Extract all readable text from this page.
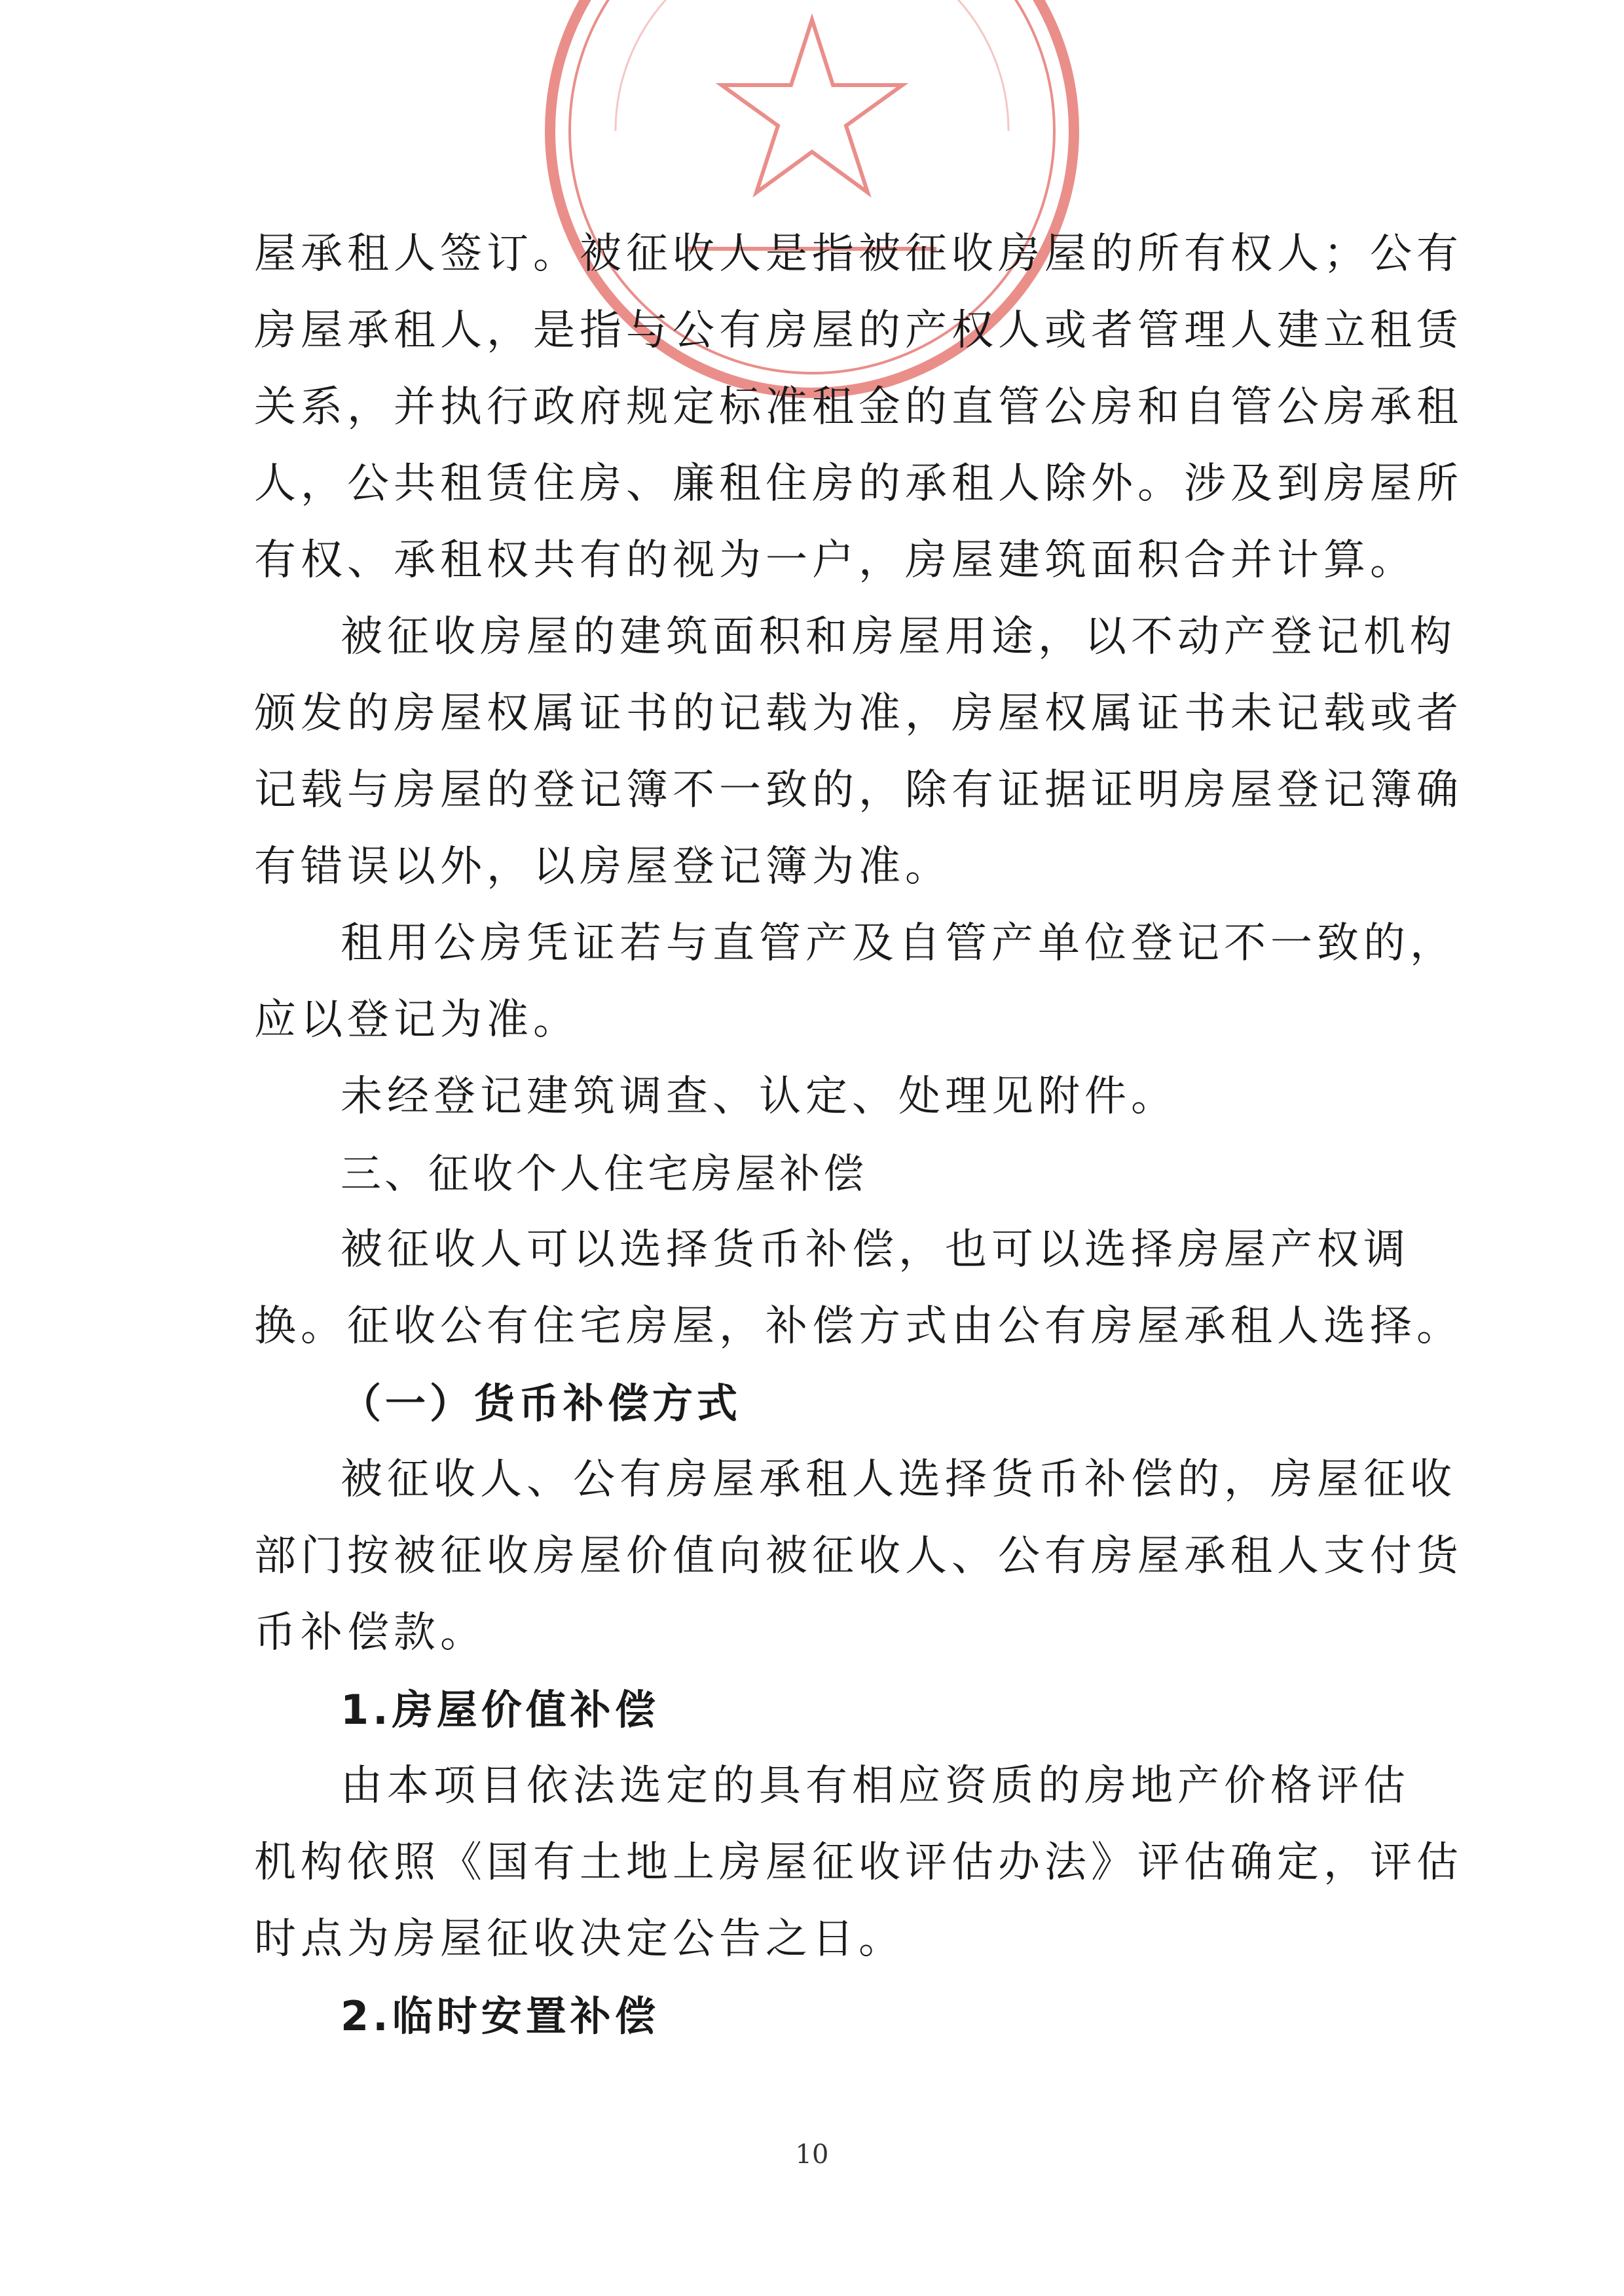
屋承租人签订。被征收人是指被征收房屋的所有权人；公有
房屋承租人，是指与公有房屋的产权人或者管理人建立租赁
关系，并执行政府规定标准租金的直管公房和自管公房承租
人，公共租赁住房、廉租住房的承租人除外。涉及到房屋所
有权、承租权共有的视为一户，房屋建筑面积合并计算。
被征收房屋的建筑面积和房屋用途，以不动产登记机构
颁发的房屋权属证书的记载为准，房屋权属证书未记载或者
记载与房屋的登记簿不一致的，除有证据证明房屋登记簿确
有错误以外，以房屋登记簿为准。
租用公房凭证若与直管产及自管产单位登记不一致的，
应以登记为准。
未经登记建筑调查、认定、处理见附件。
三、征收个人住宅房屋补偿
被征收人可以选择货币补偿，也可以选择房屋产权调
换。征收公有住宅房屋，补偿方式由公有房屋承租人选择。
（一）货币补偿方式
被征收人、公有房屋承租人选择货币补偿的，房屋征收
部门按被征收房屋价值向被征收人、公有房屋承租人支付货
币补偿款。
1.房屋价值补偿
由本项目依法选定的具有相应资质的房地产价格评估
机构依照《国有土地上房屋征收评估办法》评估确定，评估
时点为房屋征收决定公告之日。
2.临时安置补偿
10
